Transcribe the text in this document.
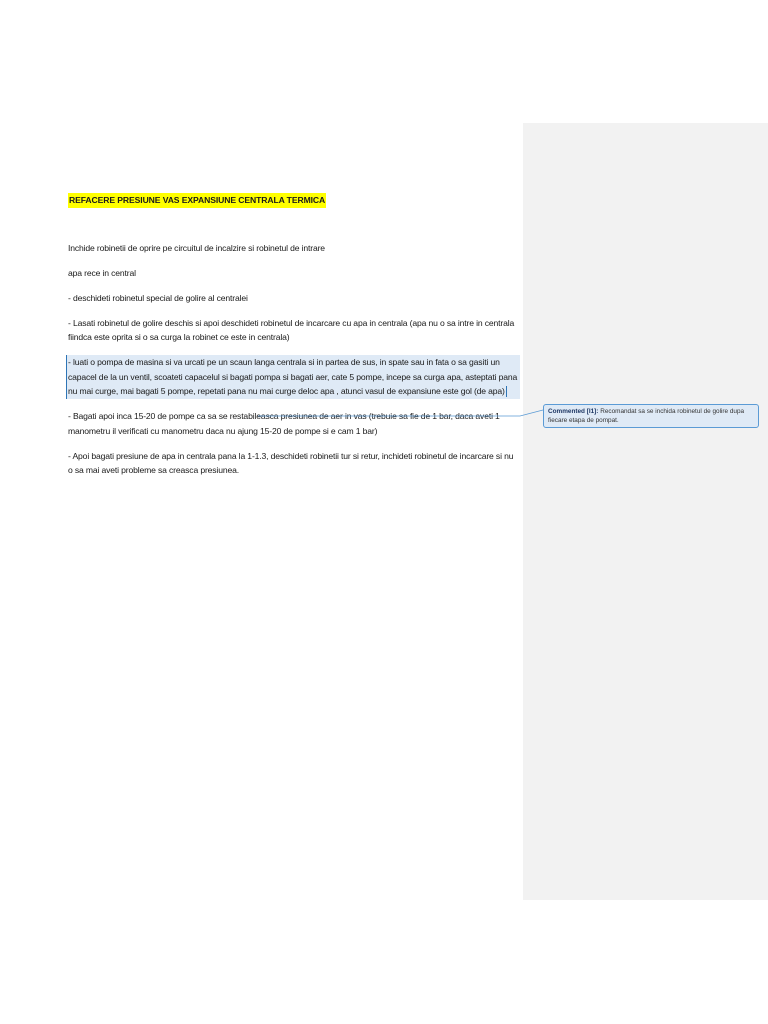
REFACERE PRESIUNE VAS EXPANSIUNE CENTRALA TERMICA

Inchide robinetii de oprire pe circuitul de incalzire si robinetul de intrare

apa rece in central

- deschideti robinetul special de golire al centralei

- Lasati robinetul de golire deschis si apoi deschideti robinetul de incarcare cu apa in centrala (apa nu o sa intre in centrala fiindca este oprita si o sa curga la robinet ce este in centrala)

- luati o pompa de masina si va urcati pe un scaun langa centrala si in partea de sus, in spate sau in fata o sa gasiti un capacel de la un ventil, scoateti capacelul si bagati pompa si bagati aer, cate 5 pompe, incepe sa curga apa, asteptati pana nu mai curge, mai bagati 5 pompe, repetati pana nu mai curge deloc apa , atunci vasul de expansiune este gol (de apa)

- Bagati apoi inca 15-20 de pompe ca sa se restabileasca presiunea de aer in vas (trebuie sa fie de 1 bar, daca aveti 1 manometru il verificati cu manometru daca nu ajung 15-20 de pompe si e cam 1 bar)

- Apoi bagati presiune de apa in centrala pana la 1-1.3, deschideti robinetii tur si retur, inchideti robinetul de incarcare si nu o sa mai aveti probleme sa creasca presiunea.

Commented [I1]: Recomandat sa se inchida robinetul de golire dupa fiecare etapa de pompat.
